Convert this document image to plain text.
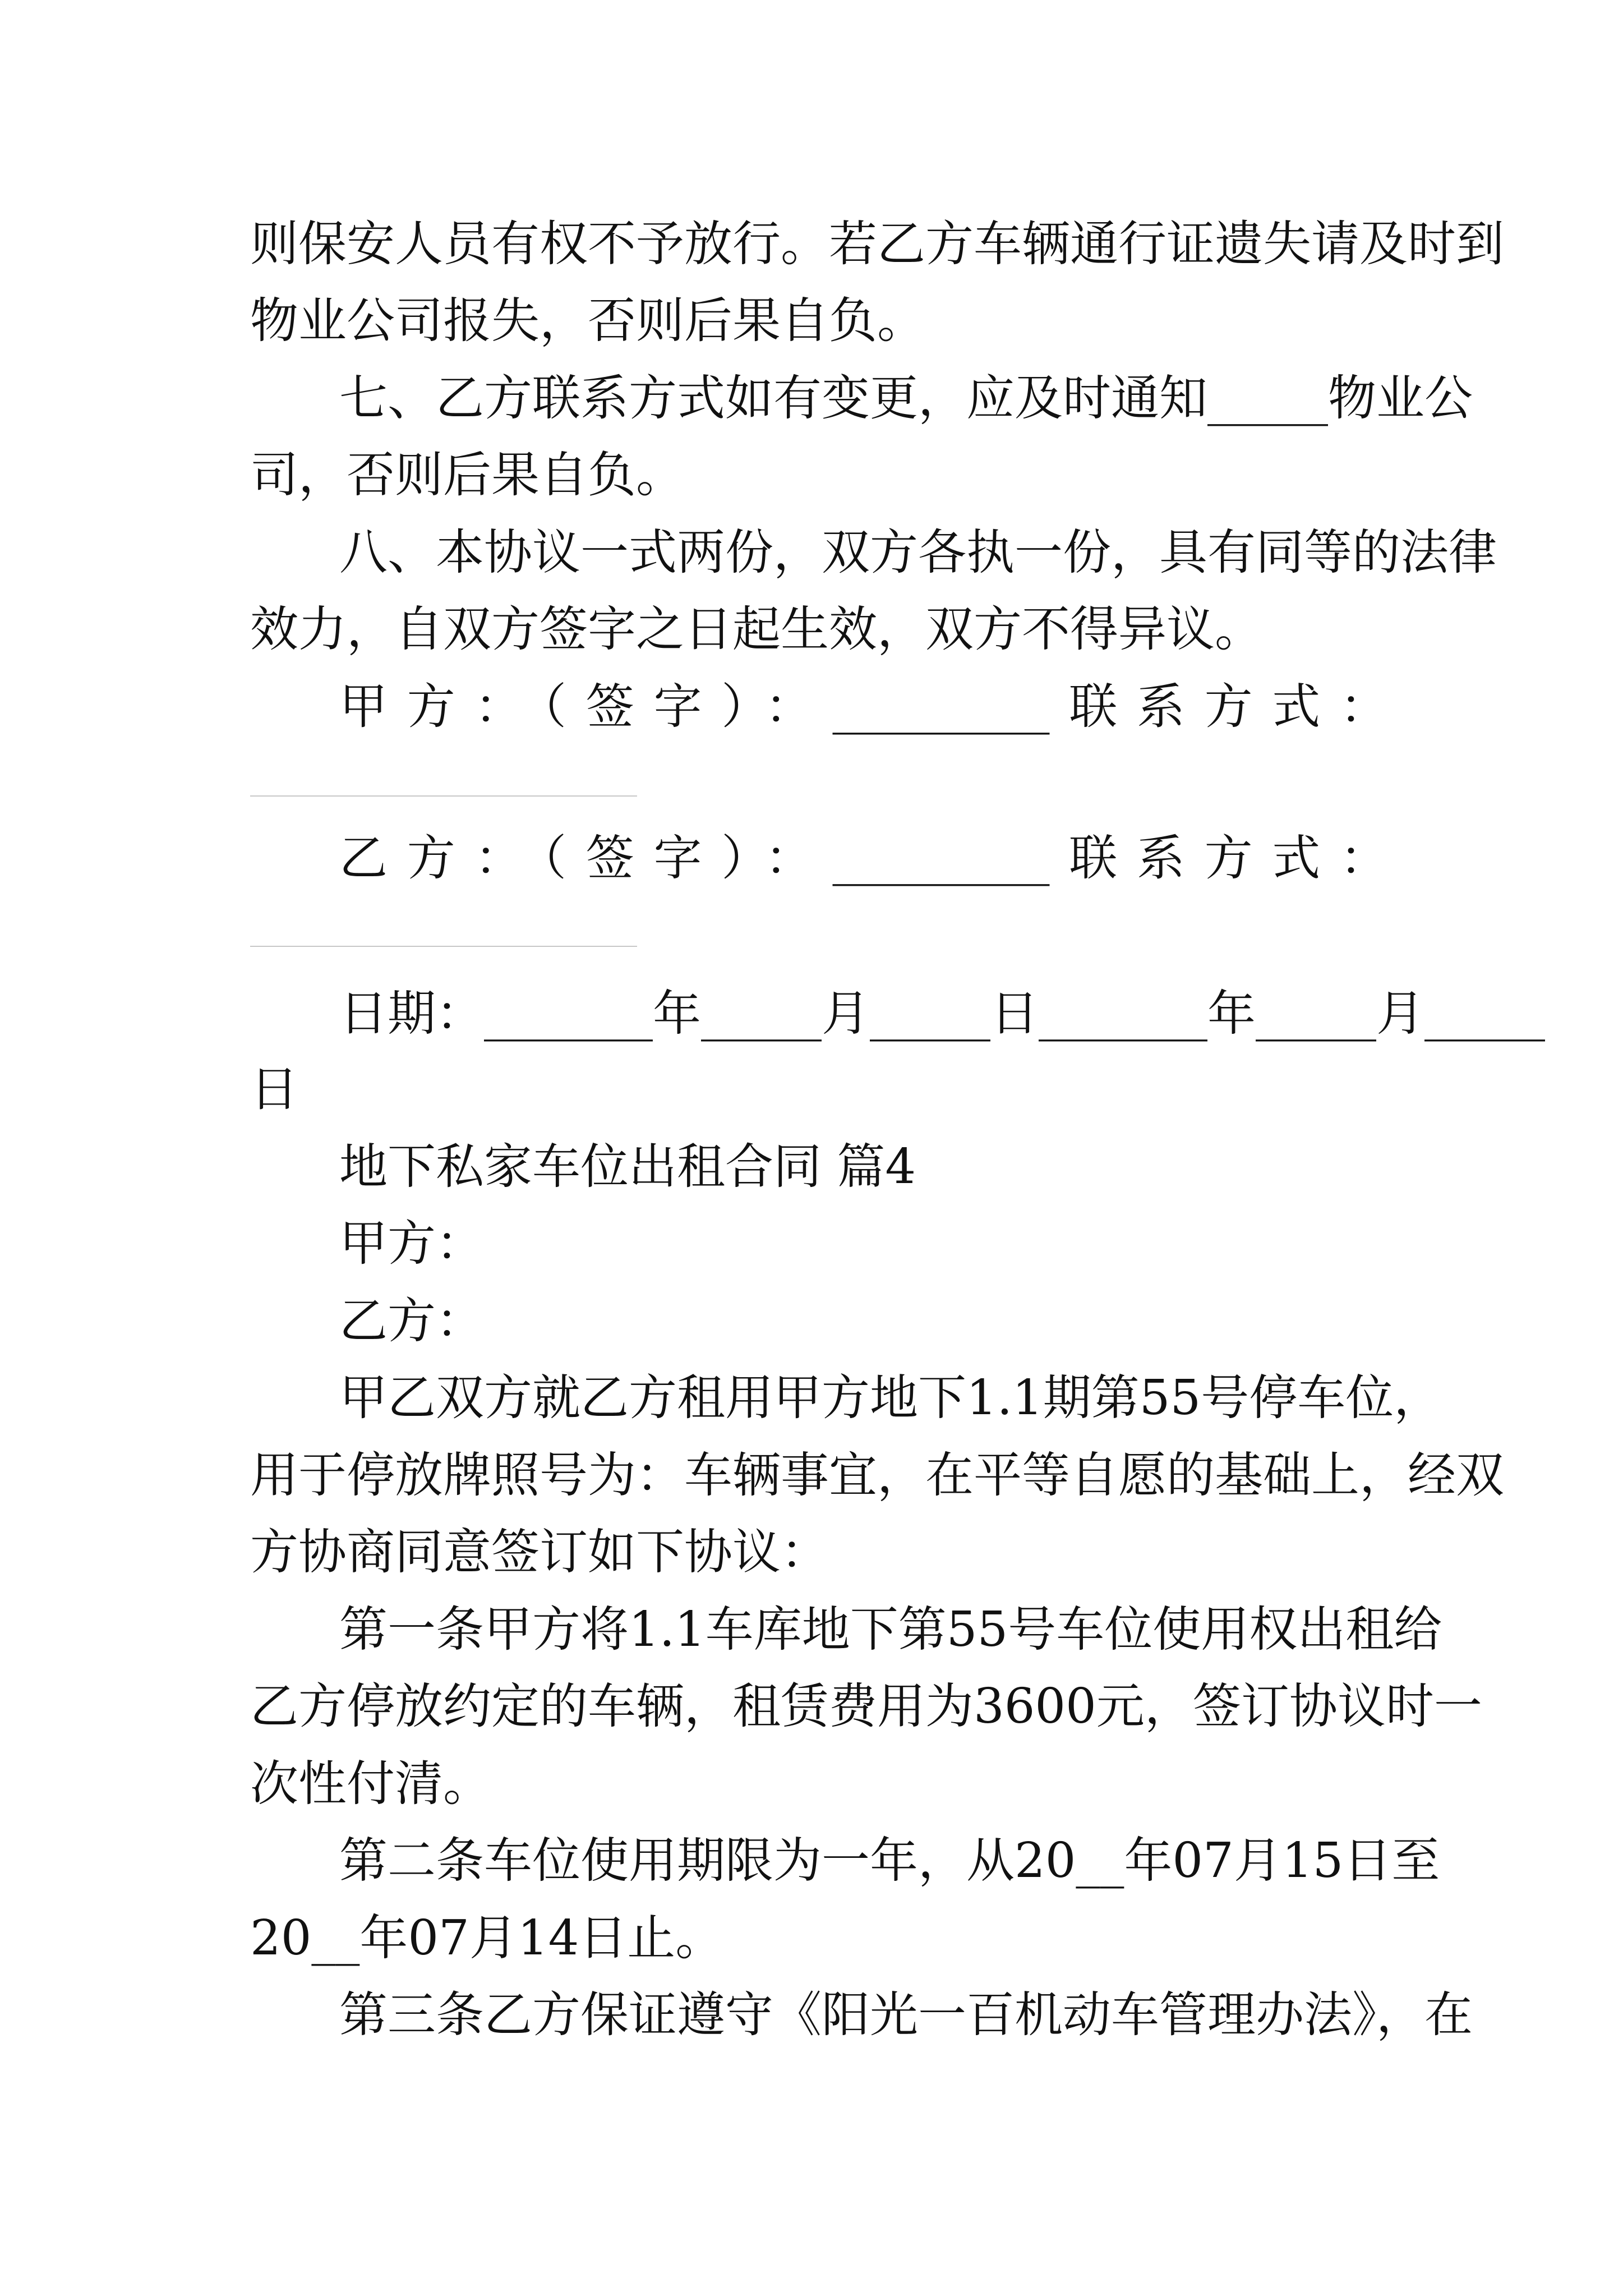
则保安人员有权不予放行。若乙方车辆通行证遗失请及时到
物业公司报失，否则后果自负。
七、乙方联系方式如有变更，应及时通知_____物业公
司，否则后果自负。
八、本协议一式两份，双方各执一份，具有同等的法律
效力，自双方签字之日起生效，双方不得异议。
甲方：（签字）：_________联系方式：
乙方：（签字）：_________联系方式：
日期：_______年_____月_____日_______年_____月_____
日
地下私家车位出租合同 篇4
甲方：
乙方：
甲乙双方就乙方租用甲方地下1.1期第55号停车位，
用于停放牌照号为：车辆事宜，在平等自愿的基础上，经双
方协商同意签订如下协议：
第一条甲方将1.1车库地下第55号车位使用权出租给
乙方停放约定的车辆，租赁费用为3600元，签订协议时一
次性付清。
第二条车位使用期限为一年，从20__年07月15日至
20__年07月14日止。
第三条乙方保证遵守《阳光一百机动车管理办法》，在
